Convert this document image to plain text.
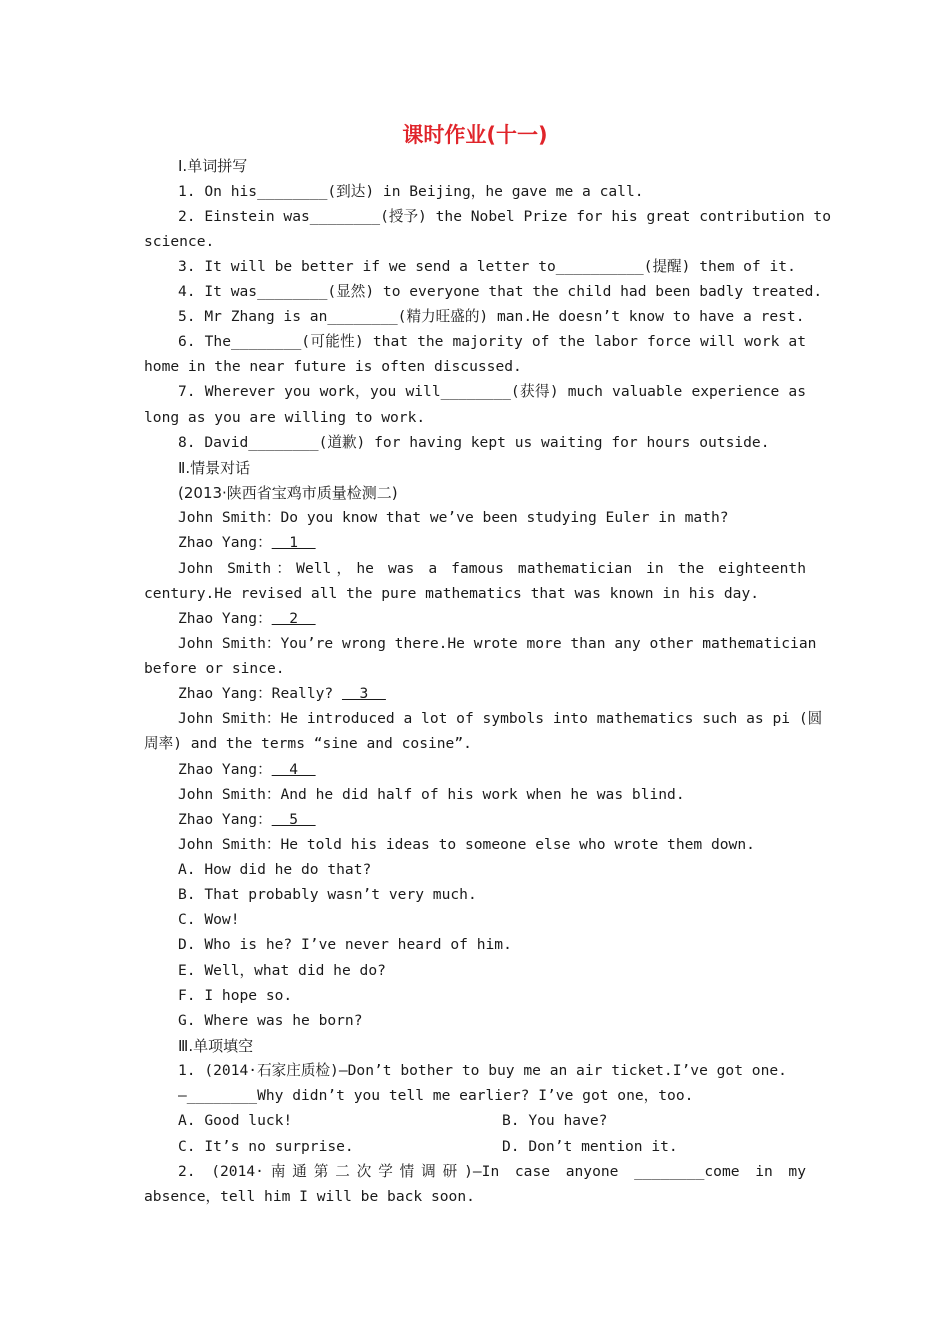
课时作业(十一)
Ⅰ.单词拼写
1. On his________(到达) in Beijing，he gave me a call.
2. Einstein was________(授予) the Nobel Prize for his great contribution to
science.
3. It will be better if we send a letter to__________(提醒) them of it.
4. It was________(显然) to everyone that the child had been badly treated.
5. Mr Zhang is an________(精力旺盛的) man.He doesn’t know to have a rest.
6. The________(可能性) that the majority of the labor force will work at
home in the near future is often discussed.
7. Wherever you work，you will________(获得) much valuable experience as
long as you are willing to work.
8. David________(道歉) for having kept us waiting for hours outside.
Ⅱ.情景对话
(2013·陕西省宝鸡市质量检测二)
John Smith：Do you know that we’ve been studying Euler in math?
Zhao Yang：  1
John Smith：Well，he was a famous mathematician in the eighteenth
century.He revised all the pure mathematics that was known in his day.
Zhao Yang：  2
John Smith：You’re wrong there.He wrote more than any other mathematician
before or since.
Zhao Yang：Really?   3
John Smith：He introduced a lot of symbols into mathematics such as pi (圆
周率) and the terms “sine and cosine”.
Zhao Yang：  4
John Smith：And he did half of his work when he was blind.
Zhao Yang：  5
John Smith：He told his ideas to someone else who wrote them down.
A. How did he do that?
B. That probably wasn’t very much.
C. Wow!
D. Who is he? I’ve never heard of him.
E. Well，what did he do?
F. I hope so.
G. Where was he born?
Ⅲ.单项填空
1. (2014·石家庄质检)—Don’t bother to buy me an air ticket.I’ve got one.
—________Why didn’t you tell me earlier? I’ve got one，too.
A. Good luck!	B. You have?
C. It’s no surprise.	D. Don’t mention it.
2. (2014·南通第二次学情调研)—In case anyone ________come in my
absence，tell him I will be back soon.
